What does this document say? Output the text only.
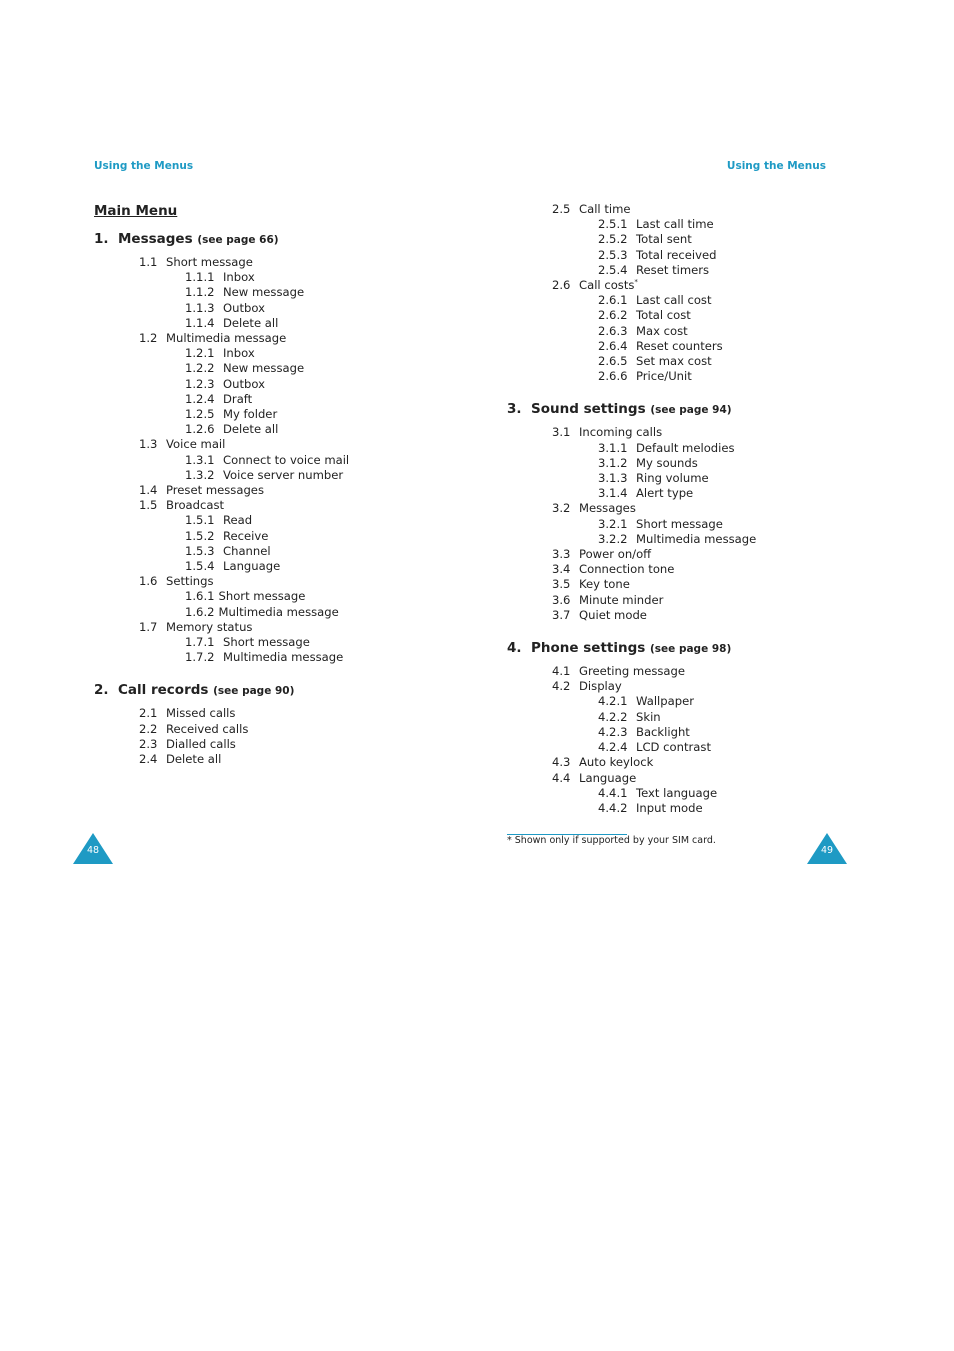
Using the Menus	Using the Menus
Main Menu
1. Messages (see page 66)
1.1 Short message
1.1.1 Inbox
1.1.2 New message
1.1.3 Outbox
1.1.4 Delete all
1.2 Multimedia message
1.2.1 Inbox
1.2.2 New message
1.2.3 Outbox
1.2.4 Draft
1.2.5 My folder
1.2.6 Delete all
1.3 Voice mail
1.3.1 Connect to voice mail
1.3.2 Voice server number
1.4 Preset messages
1.5 Broadcast
1.5.1 Read
1.5.2 Receive
1.5.3 Channel
1.5.4 Language
1.6 Settings
1.6.1 Short message
1.6.2 Multimedia message
1.7 Memory status
1.7.1 Short message
1.7.2 Multimedia message
2. Call records (see page 90)
2.1 Missed calls
2.2 Received calls
2.3 Dialled calls
2.4 Delete all
2.5 Call time
2.5.1 Last call time
2.5.2 Total sent
2.5.3 Total received
2.5.4 Reset timers
2.6 Call costs*
2.6.1 Last call cost
2.6.2 Total cost
2.6.3 Max cost
2.6.4 Reset counters
2.6.5 Set max cost
2.6.6 Price/Unit
3. Sound settings (see page 94)
3.1 Incoming calls
3.1.1 Default melodies
3.1.2 My sounds
3.1.3 Ring volume
3.1.4 Alert type
3.2 Messages
3.2.1 Short message
3.2.2 Multimedia message
3.3 Power on/off
3.4 Connection tone
3.5 Key tone
3.6 Minute minder
3.7 Quiet mode
4. Phone settings (see page 98)
4.1 Greeting message
4.2 Display
4.2.1 Wallpaper
4.2.2 Skin
4.2.3 Backlight
4.2.4 LCD contrast
4.3 Auto keylock
4.4 Language
4.4.1 Text language
4.4.2 Input mode
* Shown only if supported by your SIM card.
48	49
